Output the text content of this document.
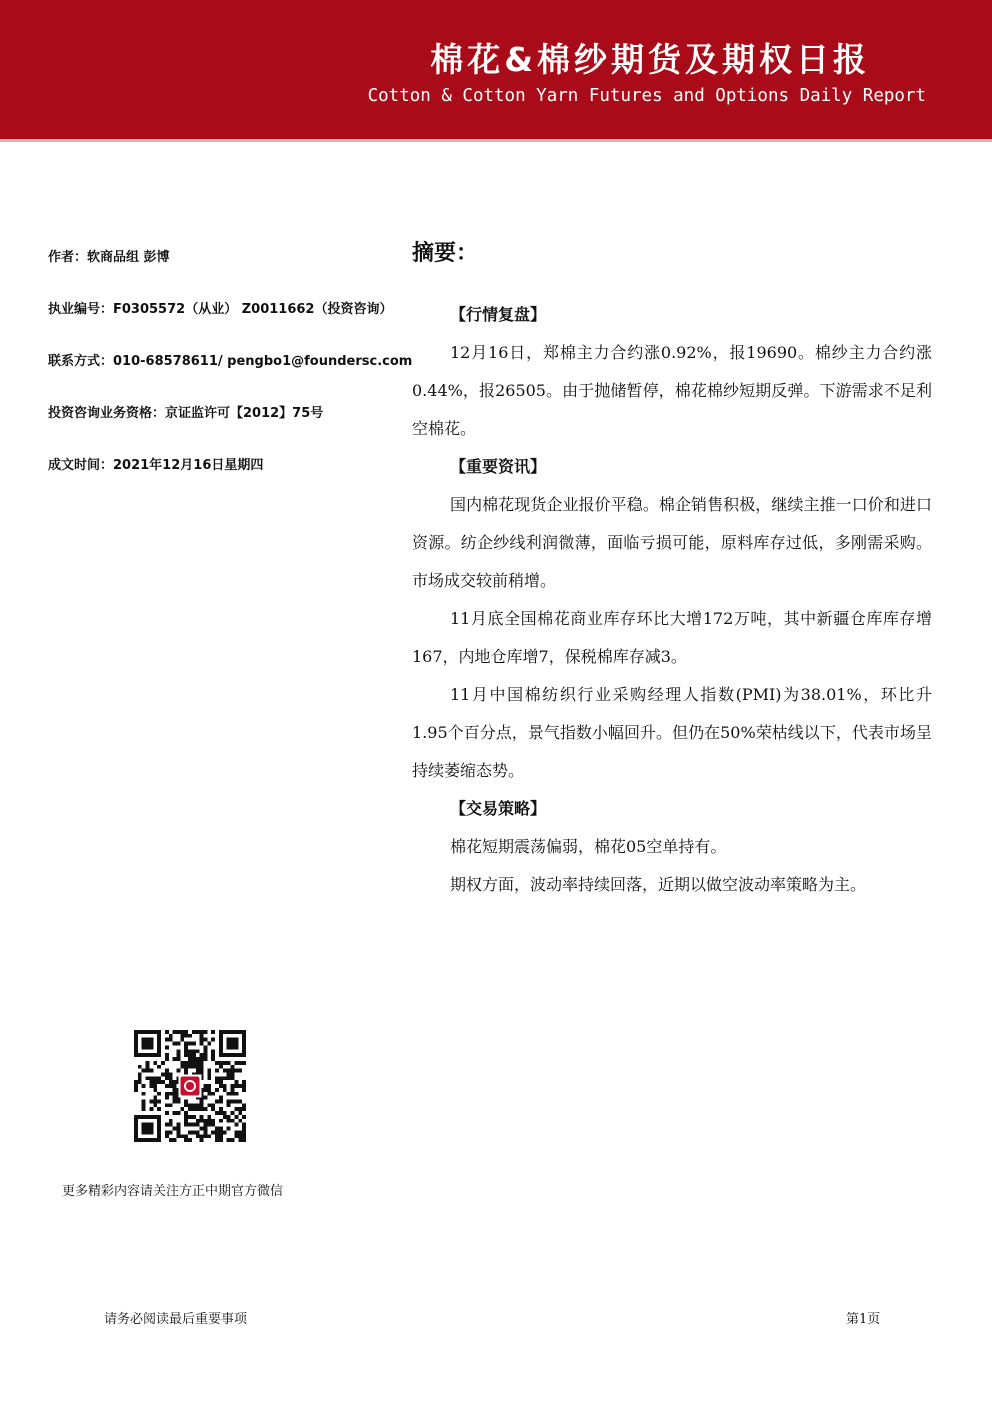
棉花&棉纱期货及期权日报
Cotton & Cotton Yarn Futures and Options Daily Report
作者：软商品组 彭博
执业编号：F0305572（从业） Z0011662（投资咨询）
联系方式：010-68578611/ pengbo1@foundersc.com
投资咨询业务资格：京证监许可【2012】75号
成文时间：2021年12月16日星期四
摘要：
【行情复盘】

12月16日，郑棉主力合约涨0.92%，报19690。棉纱主力合约涨0.44%，报26505。由于抛储暂停，棉花棉纱短期反弹。下游需求不足利空棉花。

【重要资讯】

国内棉花现货企业报价平稳。棉企销售积极，继续主推一口价和进口资源。纺企纱线利润微薄，面临亏损可能，原料库存过低，多刚需采购。市场成交较前稍增。

11月底全国棉花商业库存环比大增172万吨，其中新疆仓库库存增167，内地仓库增7，保税棉库存减3。

11月中国棉纺织行业采购经理人指数(PMI)为38.01%，环比升1.95个百分点，景气指数小幅回升。但仍在50%荣枯线以下，代表市场呈持续萎缩态势。

【交易策略】

棉花短期震荡偏弱，棉花05空单持有。

期权方面，波动率持续回落，近期以做空波动率策略为主。

更多精彩内容请关注方正中期官方微信
请务必阅读最后重要事项	第1页
